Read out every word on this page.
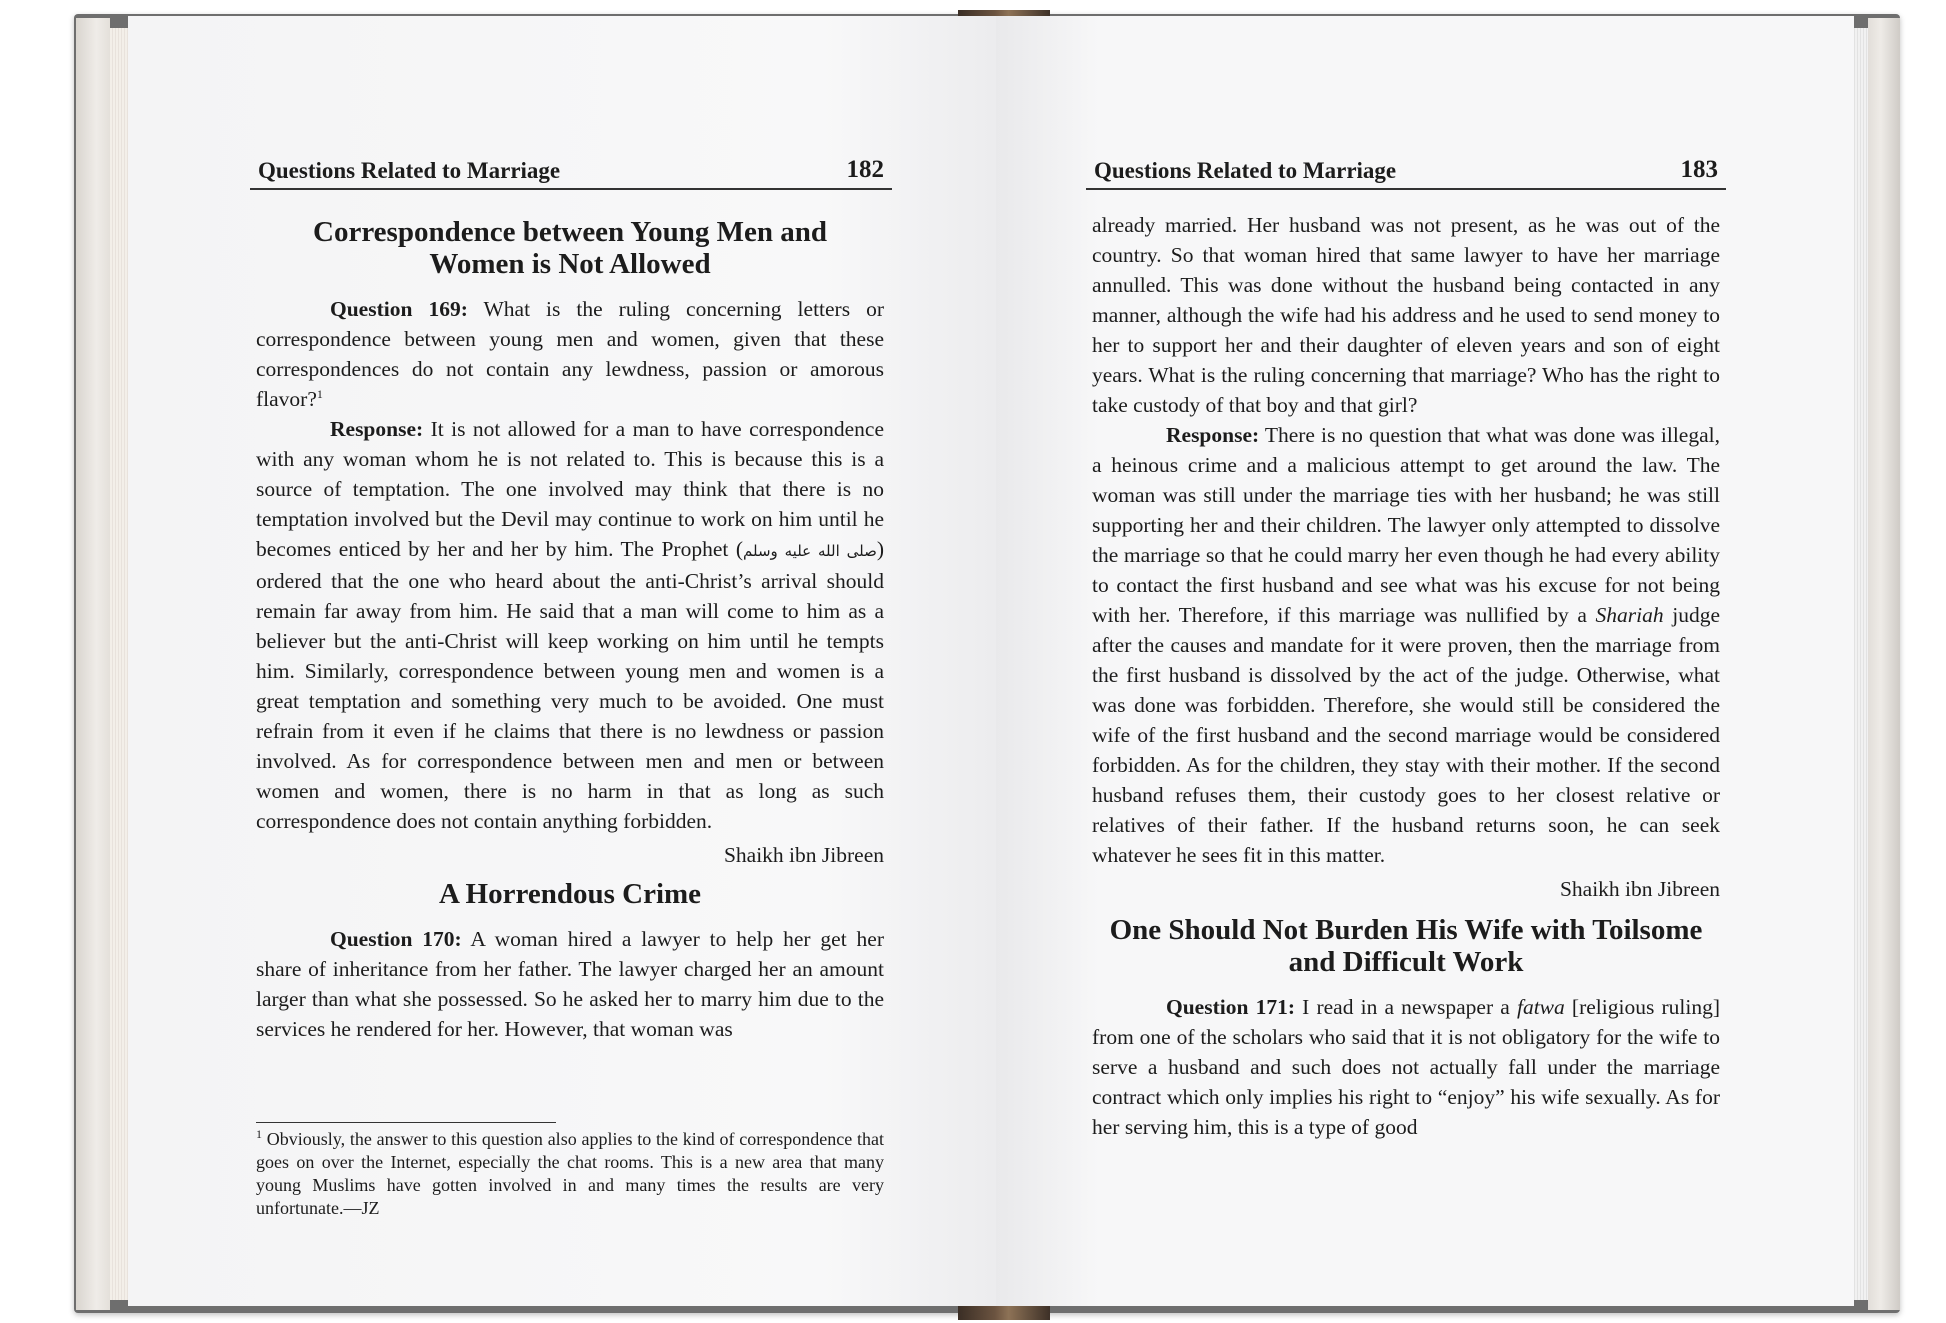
Questions Related to Marriage	182
Correspondence between Young Men and
Women is Not Allowed

Question 169: What is the ruling concerning letters or correspondence between young men and women, given that these correspondences do not contain any lewdness, passion or amorous flavor?$^1$

Response: It is not allowed for a man to have correspondence with any woman whom he is not related to. This is because this is a source of temptation. The one involved may think that there is no temptation involved but the Devil may continue to work on him until he becomes enticed by her and her by him. The Prophet (صلى الله عليه وسلم) ordered that the one who heard about the anti-Christ’s arrival should remain far away from him. He said that a man will come to him as a believer but the anti-Christ will keep working on him until he tempts him. Similarly, correspondence between young men and women is a great temptation and something very much to be avoided. One must refrain from it even if he claims that there is no lewdness or passion involved. As for correspondence between men and men or between women and women, there is no harm in that as long as such correspondence does not contain anything forbidden.

Shaikh ibn Jibreen

A Horrendous Crime

Question 170: A woman hired a lawyer to help her get her share of inheritance from her father. The lawyer charged her an amount larger than what she possessed. So he asked her to marry him due to the services he rendered for her. However, that woman was

$^1$ Obviously, the answer to this question also applies to the kind of correspondence that goes on over the Internet, especially the chat rooms. This is a new area that many young Muslims have gotten involved in and many times the results are very unfortunate.—JZ
Questions Related to Marriage	183

already married. Her husband was not present, as he was out of the country. So that woman hired that same lawyer to have her marriage annulled. This was done without the husband being contacted in any manner, although the wife had his address and he used to send money to her to support her and their daughter of eleven years and son of eight years. What is the ruling concerning that marriage? Who has the right to take custody of that boy and that girl?

Response: There is no question that what was done was illegal, a heinous crime and a malicious attempt to get around the law. The woman was still under the marriage ties with her husband; he was still supporting her and their children. The lawyer only attempted to dissolve the marriage so that he could marry her even though he had every ability to contact the first husband and see what was his excuse for not being with her. Therefore, if this marriage was nullified by a Shariah judge after the causes and mandate for it were proven, then the marriage from the first husband is dissolved by the act of the judge. Otherwise, what was done was forbidden. Therefore, she would still be considered the wife of the first husband and the second marriage would be considered forbidden. As for the children, they stay with their mother. If the second husband refuses them, their custody goes to her closest relative or relatives of their father. If the husband returns soon, he can seek whatever he sees fit in this matter.

Shaikh ibn Jibreen

One Should Not Burden His Wife with Toilsome
and Difficult Work

Question 171: I read in a newspaper a fatwa [religious ruling] from one of the scholars who said that it is not obligatory for the wife to serve a husband and such does not actually fall under the marriage contract which only implies his right to “enjoy” his wife sexually. As for her serving him, this is a type of good
